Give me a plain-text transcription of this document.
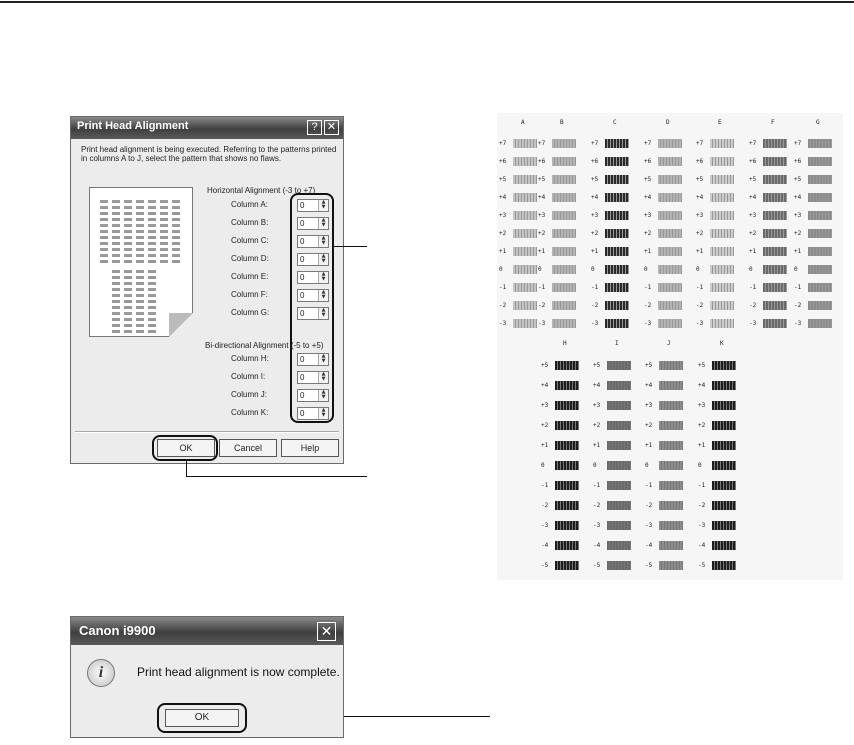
Print Head Alignment	? ✕
Print head alignment is being executed. Referring to the patterns printed in columns A to J, select the pattern that shows no flaws.
Horizontal Alignment (-3 to +7)
Bi-directional Alignment (-5 to +5)
Column A:	0	▲
▼
Column B:	0	▲
▼
Column C:	0	▲
▼
Column D:	0	▲
▼
Column E:	0	▲
▼
Column F:	0	▲
▼
Column G:	0	▲
▼
Column H:	0	▲
▼
Column I:	0	▲
▼
Column J:	0	▲
▼
Column K:	0	▲
▼
OK	Cancel	Help
A
+7
+6
+5
+4
+3
+2
+1
0
-1
-2
-3
B
+7
+6
+5
+4
+3
+2
+1
0
-1
-2
-3
C
+7
+6
+5
+4
+3
+2
+1
0
-1
-2
-3
D
+7
+6
+5
+4
+3
+2
+1
0
-1
-2
-3
E
+7
+6
+5
+4
+3
+2
+1
0
-1
-2
-3
F
+7
+6
+5
+4
+3
+2
+1
0
-1
-2
-3
G
+7
+6
+5
+4
+3
+2
+1
0
-1
-2
-3
H
+5
+4
+3
+2
+1
0
-1
-2
-3
-4
-5
I
+5
+4
+3
+2
+1
0
-1
-2
-3
-4
-5
J
+5
+4
+3
+2
+1
0
-1
-2
-3
-4
-5
K
+5
+4
+3
+2
+1
0
-1
-2
-3
-4
-5
Canon i9900	✕
i	Print head alignment is now complete.
OK
